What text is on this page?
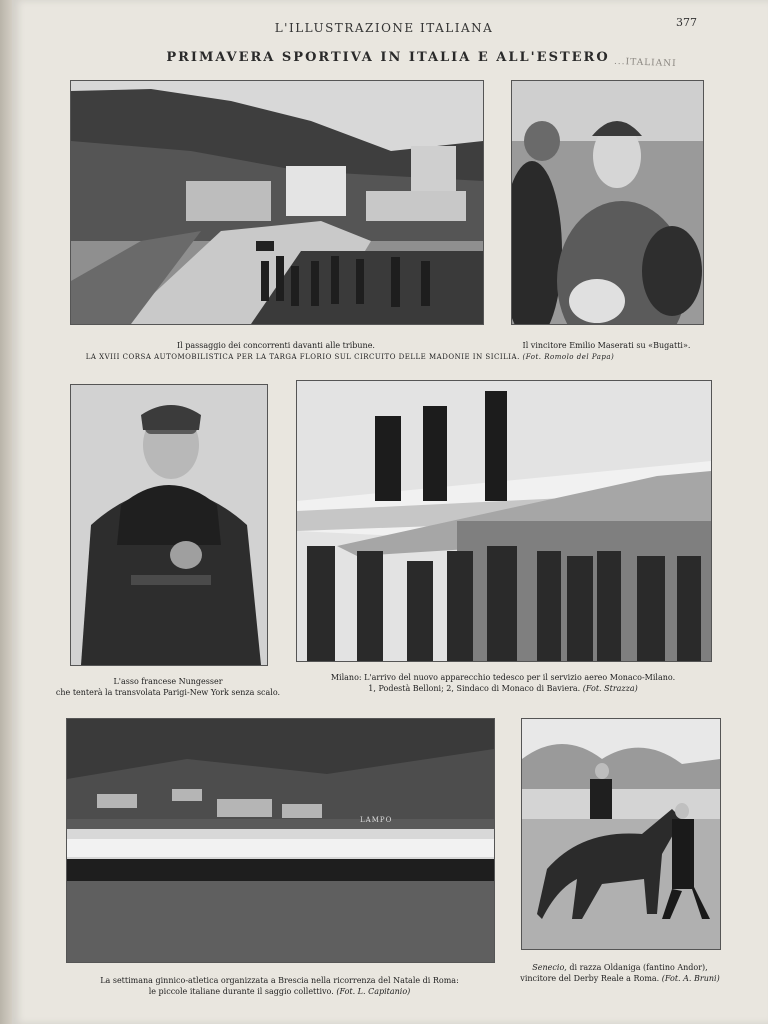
L'ILLUSTRAZIONE ITALIANA	377
PRIMAVERA SPORTIVA IN ITALIA E ALL'ESTERO ...ITALIANI
Il passaggio dei concorrenti davanti alle tribune.	Il vincitore Emilio Maserati su «Bugatti».
LA XVIII CORSA AUTOMOBILISTICA PER LA TARGA FLORIO SUL CIRCUITO DELLE MADONIE IN SICILIA. (Fot. Romolo del Papa)
L'asso francese Nungesser
che tenterà la transvolata Parigi-New York senza scalo.
Milano: L'arrivo del nuovo apparecchio tedesco per il servizio aereo Monaco-Milano.
1, Podestà Belloni; 2, Sindaco di Monaco di Baviera. (Fot. Strazza)
LAMPO
La settimana ginnico-atletica organizzata a Brescia nella ricorrenza del Natale di Roma:
le piccole italiane durante il saggio collettivo. (Fot. L. Capitanio)
Senecio, di razza Oldaniga (fantino Andor),
vincitore del Derby Reale a Roma. (Fot. A. Bruni)
